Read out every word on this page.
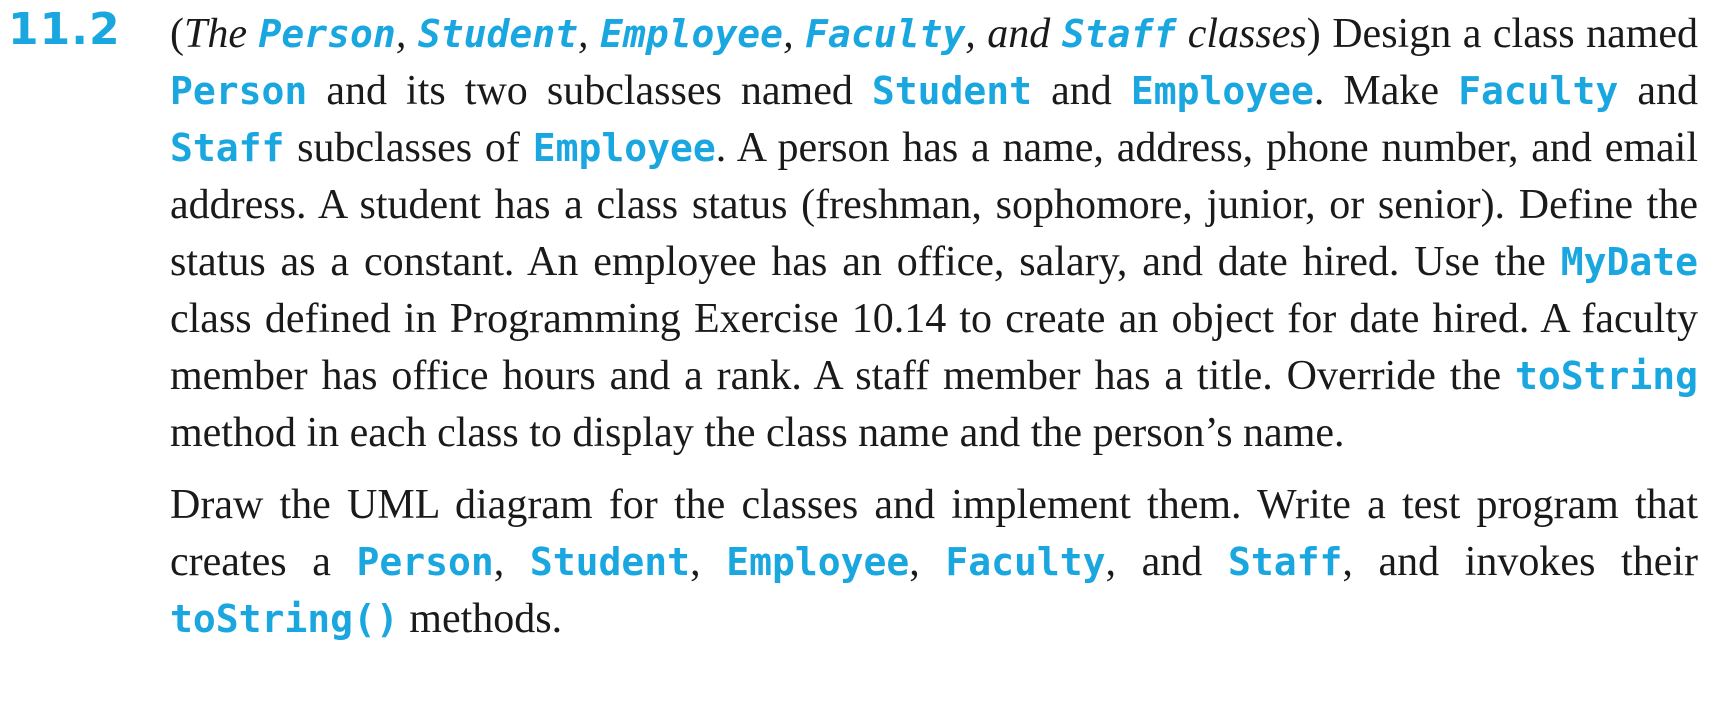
11.2 (The Person, Student, Employee, Faculty, and Staff classes) Design a class named Person and its two subclasses named Student and Employee. Make Faculty and Staff subclasses of Employee. A person has a name, address, phone number, and email address. A student has a class status (freshman, sophomore, junior, or senior). Define the status as a constant. An employee has an office, salary, and date hired. Use the MyDate class defined in Programming Exercise 10.14 to create an object for date hired. A faculty member has office hours and a rank. A staff member has a title. Override the toString method in each class to display the class name and the person’s name.

Draw the UML diagram for the classes and implement them. Write a test program that creates a Person, Student, Employee, Faculty, and Staff, and invokes their toString() methods.
